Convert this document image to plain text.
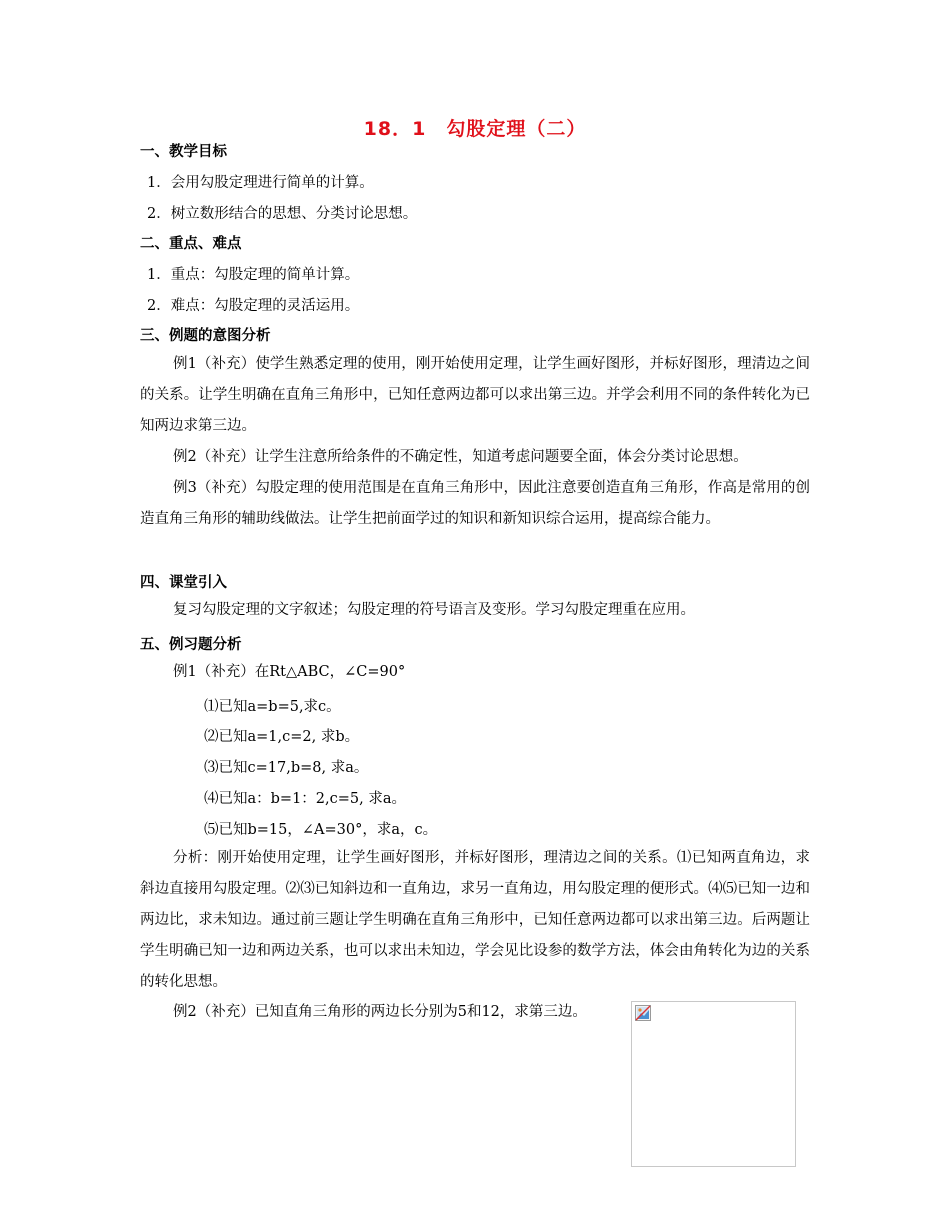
18．1　勾股定理（二）
一、教学目标
1．会用勾股定理进行简单的计算。
2．树立数形结合的思想、分类讨论思想。
二、重点、难点
1．重点：勾股定理的简单计算。
2．难点：勾股定理的灵活运用。
三、例题的意图分析
例1（补充）使学生熟悉定理的使用，刚开始使用定理，让学生画好图形，并标好图形，理清边之间的关系。让学生明确在直角三角形中，已知任意两边都可以求出第三边。并学会利用不同的条件转化为已知两边求第三边。
例2（补充）让学生注意所给条件的不确定性，知道考虑问题要全面，体会分类讨论思想。
例3（补充）勾股定理的使用范围是在直角三角形中，因此注意要创造直角三角形，作高是常用的创造直角三角形的辅助线做法。让学生把前面学过的知识和新知识综合运用，提高综合能力。
四、课堂引入
复习勾股定理的文字叙述；勾股定理的符号语言及变形。学习勾股定理重在应用。
五、例习题分析
例1（补充）在Rt△ABC，∠C=90°
⑴已知a=b=5,求c。
⑵已知a=1,c=2, 求b。
⑶已知c=17,b=8, 求a。
⑷已知a：b=1：2,c=5, 求a。
⑸已知b=15，∠A=30°，求a，c。
分析：刚开始使用定理，让学生画好图形，并标好图形，理清边之间的关系。⑴已知两直角边，求斜边直接用勾股定理。⑵⑶已知斜边和一直角边，求另一直角边，用勾股定理的便形式。⑷⑸已知一边和两边比，求未知边。通过前三题让学生明确在直角三角形中，已知任意两边都可以求出第三边。后两题让学生明确已知一边和两边关系，也可以求出未知边，学会见比设参的数学方法，体会由角转化为边的关系的转化思想。
例2（补充）已知直角三角形的两边长分别为5和12，求第三边。
